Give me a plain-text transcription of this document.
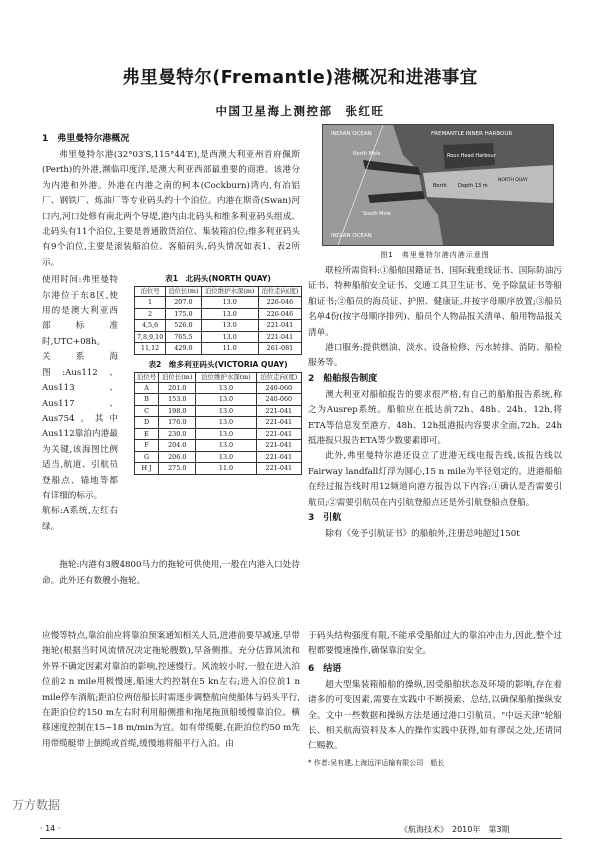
弗里曼特尔(Fremantle)港概况和进港事宜
中国卫星海上测控部　张红旺
1　弗里曼特尔港概况

弗里曼特尔港(32°03′S,115°44′E),是西澳大利亚州首府佩斯(Perth)的外港,濒临印度洋,是澳大利亚西部最重要的商港。该港分为内港和外港。外港在内港之南的柯本(Cockburn)湾内,有冶铝厂、钢铁厂、炼油厂等专业码头约十个泊位。内港在斯奇(Swan)河口内,河口处修有南北两个导堤,港内由北码头和维多利亚码头组成。北码头有11个泊位,主要是普通散货泊位、集装箱泊位;维多利亚码头有9个泊位,主要是滚装船泊位、客船码头,码头情况如表1、表2所示。

使用时间:弗里曼特尔港位于东8区,使用的是澳大利亚西部标准时,UTC+08h。
关系海图:Aus112、Aus113、Aus117、Aus754。其中Aus112靠泊内港最为关键,该海图比例适当,航道、引航员登船点、锚地等都有详细的标示。
航标:A系统,左红右绿。

表1　北码头(NORTH QUAY)
泊位号	泊位长(m)	泊位维护水深(m)	泊位走向(度)
1	207.0	13.0	226-046
2	175.0	13.0	226-046
4,5,6	526.0	13.0	221-041
7,8,9,10	765.5	13.0	221-041
11,12	429.0	11.0	261-081
表2　维多利亚码头(VICTORIA QUAY)
泊位号	泊位长(m)	泊位维护水深(m)	泊位走向(度)
A	201.0	13.0	240-060
B	153.0	13.0	240-060
C	198.0	13.0	221-041
D	176.0	13.0	221-041
E	230.0	13.0	221-041
F	204.0	13.0	221-041
G	206.0	13.0	221-041
H J	275.0	11.0	221-041

拖轮:内港有3艘4800马力的拖轮可供使用,一般在内港入口处待命。此外还有数艘小拖轮。

INDIAN OCEAN	FREMANTLE INNER HARBOUR
North Mole	Rous Head Harbour
South Mole
Berth Depth 13 m
NORTH QUAY
INDIAN OCEAN
图1　弗里曼特尔港内港示意图

联检所需资料:①船舶国籍证书、国际载重线证书、国际防油污证书、特种船舶安全证书、交通工具卫生证书、免予除鼠证书等船舶证书;②船员的海员证、护照、健康证,并按字母顺序放置;③船员名单4份(按字母顺序排列)、船员个人物品报关清单、船用物品报关清单。

港口服务:提供燃油、淡水、设备检修、污水转排、消防、船检服务等。

2　船舶报告制度

澳大利亚对船舶报告的要求很严格,有自己的船舶报告系统,称之为Ausrep系统。船舶应在抵达前72h、48h、24h、12h,将ETA等信息发至港方。48h、12h抵港报内容要求全面,72h、24h抵港报只报告ETA等少数要素即可。

此外,弗里曼特尔港还设立了进港无线电报告线,该报告线以Fairway landfall灯浮为圆心,15 n mile为半径划定的。进港船舶在经过报告线时用12频道向港方报告以下内容:①确认是否需要引航员;②需要引航员在内引航登船点还是外引航登船点登船。

3　引航

除有《免予引航证书》的船舶外,注册总吨超过150t

应慢等特点,靠泊前应将靠泊预案通知相关人员,进港前要早减速,早带拖轮(根据当时风流情况决定拖轮艘数),早备侧推。充分估算风流和外界不确定因素对靠泊的影响,控速慢行。风流较小时,一般在进入泊位前2 n mile用极慢速,船速大约控制在5 kn左右;进入泊位前1 n mile停车淌航;距泊位两倍船长时需逐步调整航向使船体与码头平行,在距泊位约150 m左右时利用船侧推和拖尾拖顶船缓慢靠泊位。横移速度控制在15~18 m/min为宜。如有带缆艇,在距泊位约50 m先用带缆艇带上倒缆或首缆,缓慢地将船平行入泊。由

于码头结构强度有限,不能承受船舶过大的靠泊冲击力,因此,整个过程都要慢速操作,确保靠泊安全。

6　结语

超大型集装箱船舶的操纵,因受船舶状态及环境的影响,存在着诸多的可变因素,需要在实践中不断摸索、总结,以确保船舶操纵安全。文中一些数据和操纵方法是通过港口引航员、"中远天津"轮船长、相关航海资料及本人的操作实践中获得,如有谬误之处,还请同仁赐教。

* 作者:吴有建,上海远洋运输有限公司　船长

· 14 ·	《航海技术》　2010年　第3期
万方数据
